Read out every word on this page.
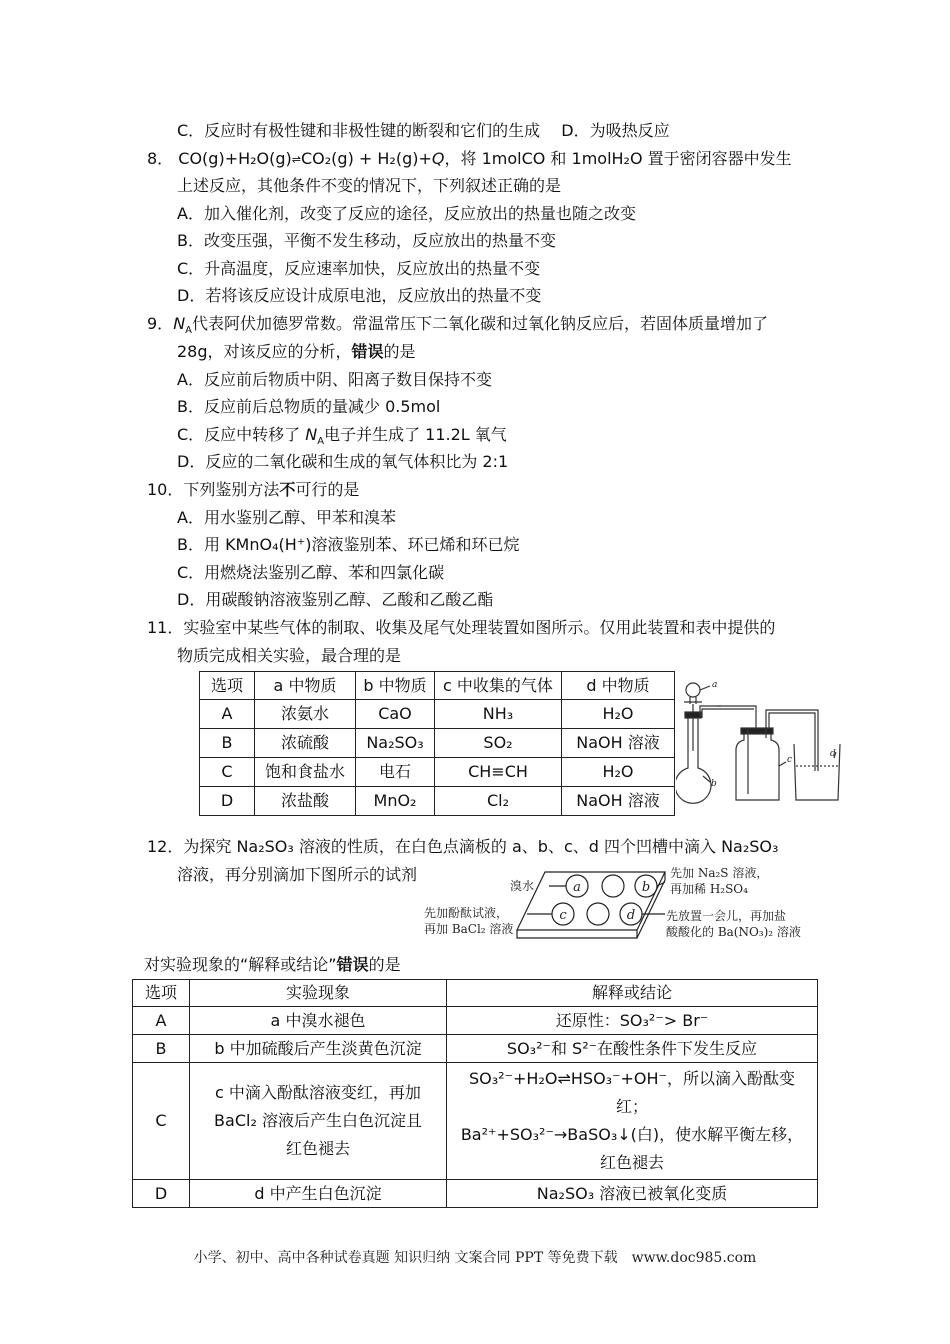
C．反应时有极性键和非极性键的断裂和它们的生成　 D．为吸热反应
8． CO(g)+H₂O(g)⇌CO₂(g) + H₂(g)+Q，将 1molCO 和 1molH₂O 置于密闭容器中发生
上述反应，其他条件不变的情况下，下列叙述正确的是
A．加入催化剂，改变了反应的途径，反应放出的热量也随之改变
B．改变压强，平衡不发生移动，反应放出的热量不变
C．升高温度，反应速率加快，反应放出的热量不变
D．若将该反应设计成原电池，反应放出的热量不变
9．$N_A$代表阿伏加德罗常数。常温常压下二氧化碳和过氧化钠反应后，若固体质量增加了
28g，对该反应的分析，错误的是
A．反应前后物质中阴、阳离子数目保持不变
B．反应前后总物质的量减少 0.5mol
C．反应中转移了 $N_A$电子并生成了 11.2L 氧气
D．反应的二氧化碳和生成的氧气体积比为 2:1
10．下列鉴别方法不可行的是
A．用水鉴别乙醇、甲苯和溴苯
B．用 KMnO₄(H⁺)溶液鉴别苯、环已烯和环已烷
C．用燃烧法鉴别乙醇、苯和四氯化碳
D．用碳酸钠溶液鉴别乙醇、乙酸和乙酸乙酯
11．实验室中某些气体的制取、收集及尾气处理装置如图所示。仅用此装置和表中提供的
物质完成相关实验，最合理的是
选项	a 中物质	b 中物质	c 中收集的气体	d 中物质
A	浓氨水	CaO	NH₃	H₂O
B	浓硫酸	Na₂SO₃	SO₂	NaOH 溶液
C	饱和食盐水	电石	CH≡CH	H₂O
D	浓盐酸	MnO₂	Cl₂	NaOH 溶液
a
b
c
d
12．为探究 Na₂SO₃ 溶液的性质，在白色点滴板的 a、b、c、d 四个凹槽中滴入 Na₂SO₃
溶液，再分别滴加下图所示的试剂
a	b
c	d
溴水
先加 Na₂S 溶液，
再加稀 H₂SO₄
先加酚酞试液，
再加 BaCl₂ 溶液
先放置一会儿，再加盐
酸酸化的 Ba(NO₃)₂ 溶液
对实验现象的“解释或结论”错误的是
选项	实验现象	解释或结论
A	a 中溴水褪色	还原性：SO₃²⁻> Br⁻
B	b 中加硫酸后产生淡黄色沉淀	SO₃²⁻和 S²⁻在酸性条件下发生反应
C	c 中滴入酚酞溶液变红，再加 BaCl₂ 溶液后产生白色沉淀且红色褪去	SO₃²⁻+H₂O⇌HSO₃⁻+OH⁻，所以滴入酚酞变红；
Ba²⁺+SO₃²⁻→BaSO₃↓(白)，使水解平衡左移，红色褪去

D	d 中产生白色沉淀	Na₂SO₃ 溶液已被氧化变质
小学、初中、高中各种试卷真题 知识归纳 文案合同 PPT 等免费下载　www.doc985.com
